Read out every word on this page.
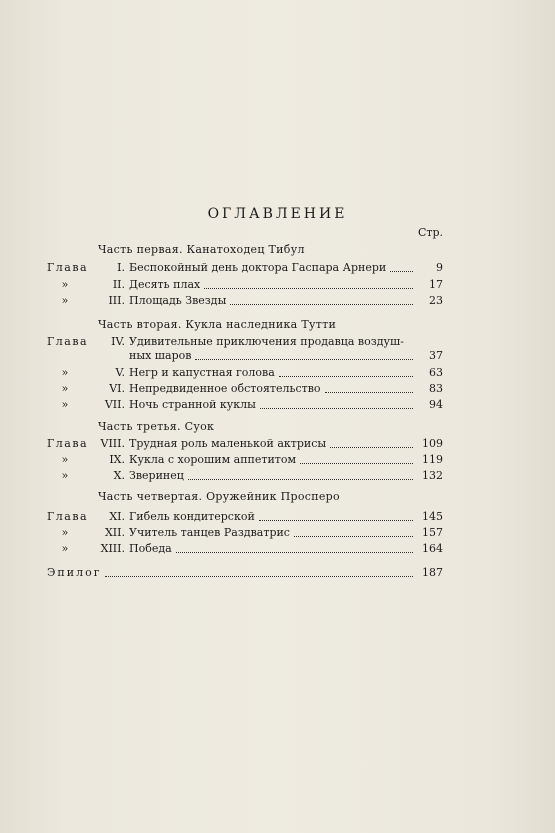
ОГЛАВЛЕНИЕ
Стр.
Часть первая. Канатоходец Тибул
Глава	I. Беспокойный день доктора Гаспара Арнери	9
»	II. Десять плах	17
»	III. Площадь Звезды	23
Часть вторая. Кукла наследника Тутти
Глава	IV. Удивительные приключения продавца воздуш-
ных шаров	37
»	V. Негр и капустная голова	63
»	VI. Непредвиденное обстоятельство	83
»	VII. Ночь странной куклы	94
Часть третья. Суок
Глава	VIII. Трудная роль маленькой актрисы	109
»	IX. Кукла с хорошим аппетитом	119
»	X. Зверинец	132
Часть четвертая. Оружейник Просперо
Глава	XI. Гибель кондитерской	145
»	XII. Учитель танцев Раздватрис	157
»	XIII. Победа	164
Эпилог	187
